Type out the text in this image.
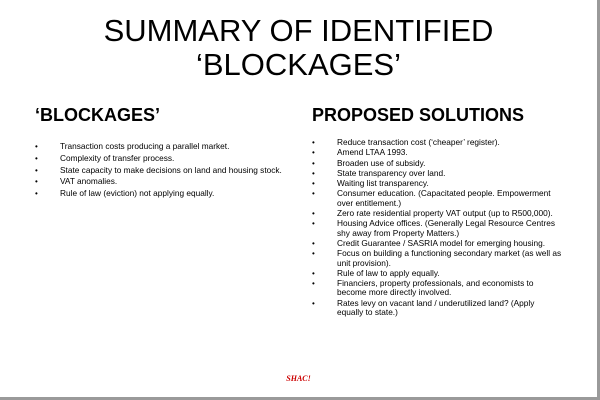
SUMMARY OF IDENTIFIED
‘BLOCKAGES’
‘BLOCKAGES’	PROPOSED SOLUTIONS
•	Transaction costs producing a parallel market.
•	Complexity of transfer process.
•	State capacity to make decisions on land and housing stock.
•	VAT anomalies.
•	Rule of law (eviction) not applying equally.
•	Reduce transaction cost (‘cheaper’ register).
•	Amend LTAA 1993.
•	Broaden use of subsidy.
•	State transparency over land.
•	Waiting list transparency.
•	Consumer education. (Capacitated people. Empowerment over entitlement.)
•	Zero rate residential property VAT output (up to R500,000).
•	Housing Advice offices. (Generally Legal Resource Centres shy away from Property Matters.)
•	Credit Guarantee / SASRIA model for emerging housing.
•	Focus on building a functioning secondary market (as well as unit provision).
•	Rule of law to apply equally.
•	Financiers, property professionals, and economists to become more directly involved.
•	Rates levy on vacant land / underutilized land? (Apply equally to state.)
SHAC!
